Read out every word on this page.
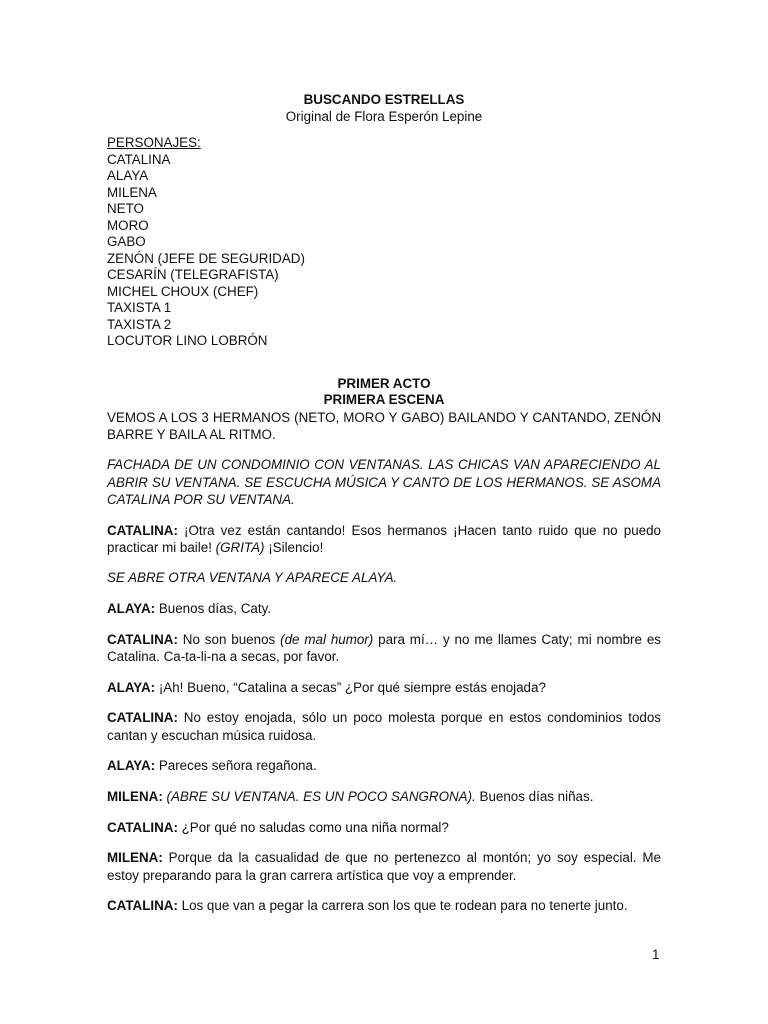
BUSCANDO ESTRELLAS
Original de Flora Esperón Lepine
PERSONAJES:
CATALINA
ALAYA
MILENA
NETO
MORO
GABO
ZENÓN (JEFE DE SEGURIDAD)
CESARÍN (TELEGRAFISTA)
MICHEL CHOUX (CHEF)
TAXISTA 1
TAXISTA 2
LOCUTOR LINO LOBRÓN
PRIMER ACTO
PRIMERA ESCENA

VEMOS A LOS 3 HERMANOS (NETO, MORO Y GABO) BAILANDO Y CANTANDO, ZENÓN BARRE Y BAILA AL RITMO.

FACHADA DE UN CONDOMINIO CON VENTANAS. LAS CHICAS VAN APARECIENDO AL ABRIR SU VENTANA. SE ESCUCHA MÚSICA Y CANTO DE LOS HERMANOS. SE ASOMA CATALINA POR SU VENTANA.

CATALINA: ¡Otra vez están cantando! Esos hermanos ¡Hacen tanto ruido que no puedo practicar mi baile! (GRITA) ¡Silencio!

SE ABRE OTRA VENTANA Y APARECE ALAYA.

ALAYA: Buenos días, Caty.

CATALINA: No son buenos (de mal humor) para mí… y no me llames Caty; mi nombre es Catalina. Ca-ta-li-na a secas, por favor.

ALAYA: ¡Ah! Bueno, “Catalina a secas” ¿Por qué siempre estás enojada?

CATALINA: No estoy enojada, sólo un poco molesta porque en estos condominios todos cantan y escuchan música ruidosa.

ALAYA: Pareces señora regañona.

MILENA: (ABRE SU VENTANA. ES UN POCO SANGRONA). Buenos días niñas.

CATALINA: ¿Por qué no saludas como una niña normal?

MILENA: Porque da la casualidad de que no pertenezco al montón; yo soy especial. Me estoy preparando para la gran carrera artística que voy a emprender.

CATALINA: Los que van a pegar la carrera son los que te rodean para no tenerte junto.

1
